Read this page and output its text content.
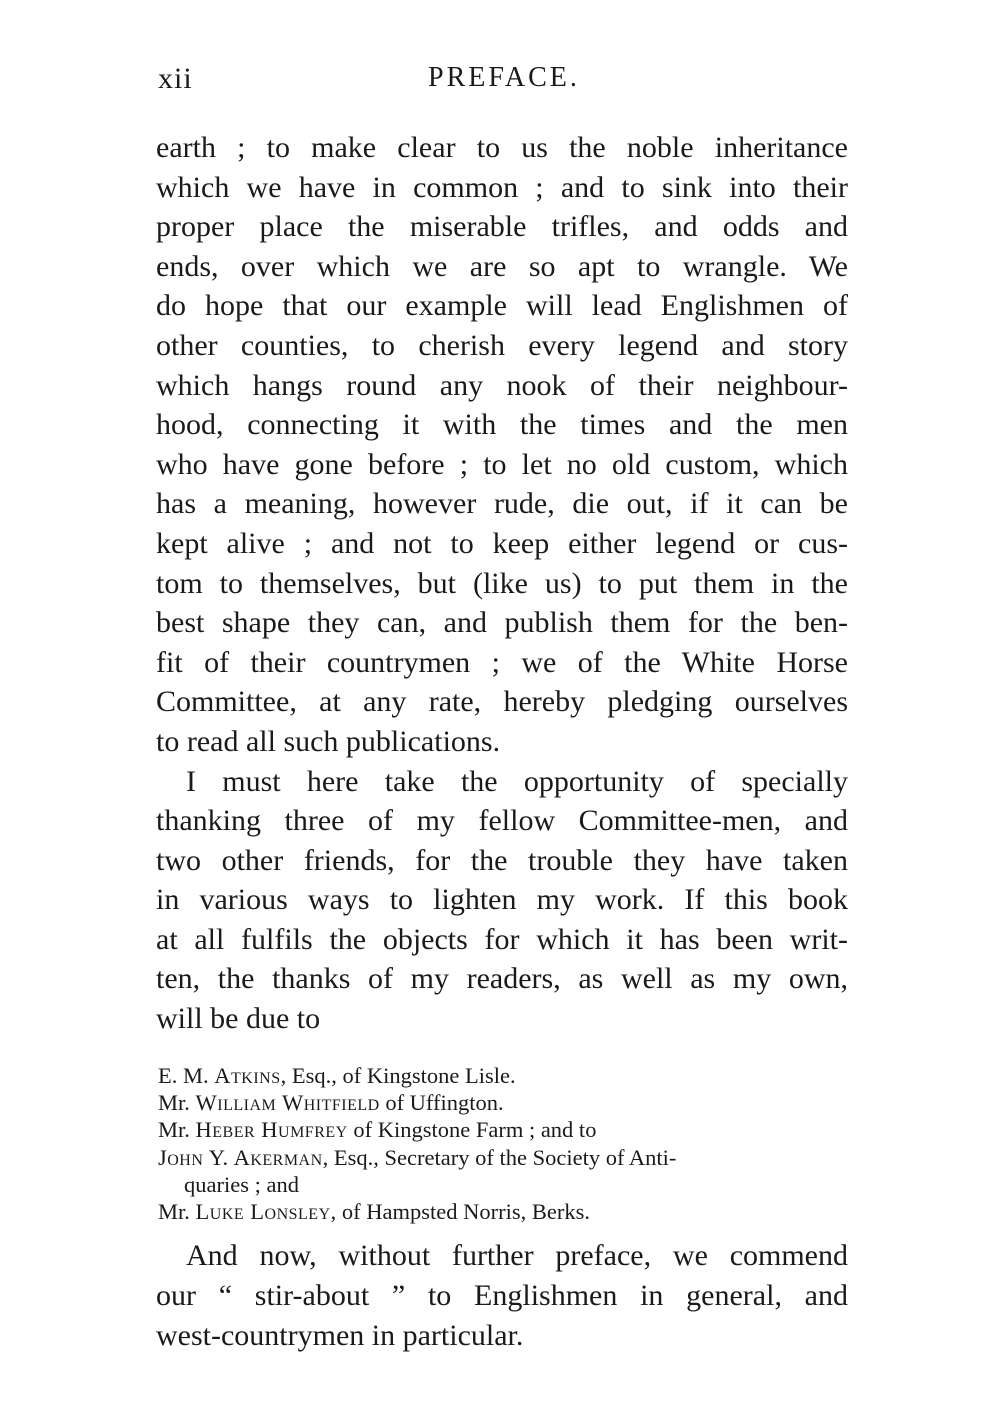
xii	PREFACE.
earth ; to make clear to us the noble inheritance
which we have in common ; and to sink into their
proper place the miserable trifles, and odds and
ends, over which we are so apt to wrangle. We
do hope that our example will lead Englishmen of
other counties, to cherish every legend and story
which hangs round any nook of their neighbour-
hood, connecting it with the times and the men
who have gone before ; to let no old custom, which
has a meaning, however rude, die out, if it can be
kept alive ; and not to keep either legend or cus-
tom to themselves, but (like us) to put them in the
best shape they can, and publish them for the ben-
fit of their countrymen ; we of the White Horse
Committee, at any rate, hereby pledging ourselves
to read all such publications.
I must here take the opportunity of specially
thanking three of my fellow Committee-men, and
two other friends, for the trouble they have taken
in various ways to lighten my work. If this book
at all fulfils the objects for which it has been writ-
ten, the thanks of my readers, as well as my own,
will be due to
E. M. Atkins, Esq., of Kingstone Lisle.
Mr. William Whitfield of Uffington.
Mr. Heber Humfrey of Kingstone Farm ; and to
John Y. Akerman, Esq., Secretary of the Society of Anti-
quaries ; and
Mr. Luke Lonsley, of Hampsted Norris, Berks.
And now, without further preface, we commend
our “ stir-about ” to Englishmen in general, and
west-countrymen in particular.
